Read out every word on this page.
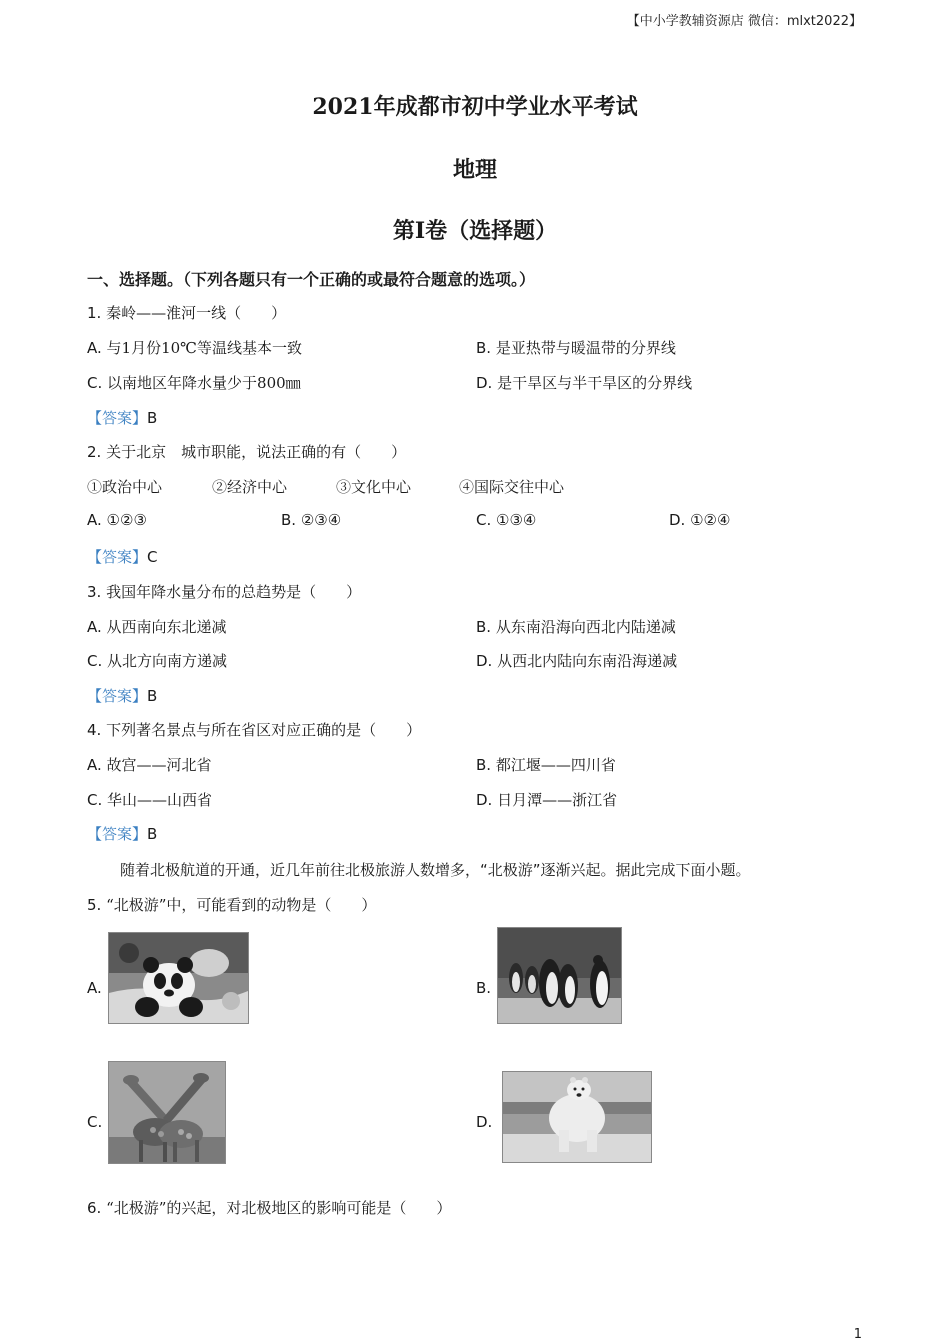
【中小学教辅资源店 微信：mlxt2022】
2021年成都市初中学业水平考试
地理
第Ⅰ卷（选择题）
一、选择题。（下列各题只有一个正确的或最符合题意的选项。）
1. 秦岭——淮河一线（　　）
A. 与1月份10℃等温线基本一致	B. 是亚热带与暖温带的分界线
C. 以南地区年降水量少于800㎜	D. 是干旱区与半干旱区的分界线
【答案】B
2. 关于北京　城市职能，说法正确的有（　　）
①政治中心	②经济中心	③文化中心	④国际交往中心
A. ①②③	B. ②③④	C. ①③④	D. ①②④
【答案】C
3. 我国年降水量分布的总趋势是（　　）
A. 从西南向东北递减	B. 从东南沿海向西北内陆递减
C. 从北方向南方递减	D. 从西北内陆向东南沿海递减
【答案】B
4. 下列著名景点与所在省区对应正确的是（　　）
A. 故宫——河北省	B. 都江堰——四川省
C. 华山——山西省	D. 日月潭——浙江省
【答案】B
随着北极航道的开通，近几年前往北极旅游人数增多，“北极游”逐渐兴起。据此完成下面小题。
5. “北极游”中，可能看到的动物是（　　）
A.	B.
C.	D.
6. “北极游”的兴起，对北极地区的影响可能是（　　）
1
